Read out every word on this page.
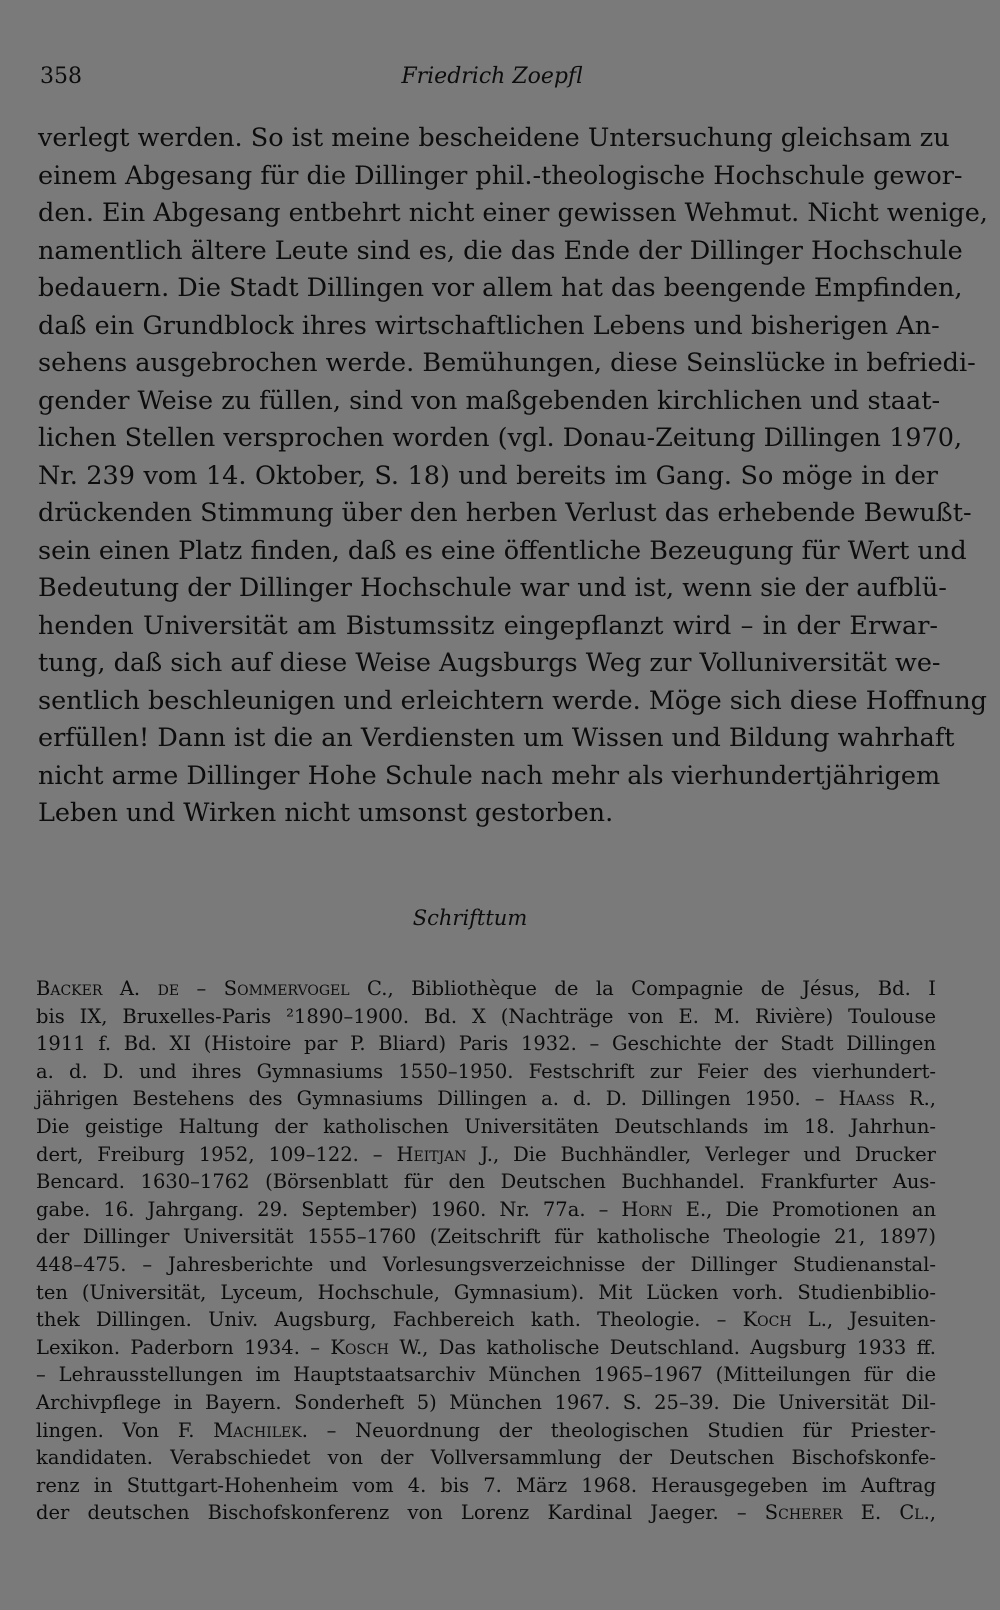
358	Friedrich Zoepfl
verlegt werden. So ist meine bescheidene Untersuchung gleichsam zu
einem Abgesang für die Dillinger phil.-theologische Hochschule gewor-
den. Ein Abgesang entbehrt nicht einer gewissen Wehmut. Nicht wenige,
namentlich ältere Leute sind es, die das Ende der Dillinger Hochschule
bedauern. Die Stadt Dillingen vor allem hat das beengende Empfinden,
daß ein Grundblock ihres wirtschaftlichen Lebens und bisherigen An-
sehens ausgebrochen werde. Bemühungen, diese Seinslücke in befriedi-
gender Weise zu füllen, sind von maßgebenden kirchlichen und staat-
lichen Stellen versprochen worden (vgl. Donau-Zeitung Dillingen 1970,
Nr. 239 vom 14. Oktober, S. 18) und bereits im Gang. So möge in der
drückenden Stimmung über den herben Verlust das erhebende Bewußt-
sein einen Platz finden, daß es eine öffentliche Bezeugung für Wert und
Bedeutung der Dillinger Hochschule war und ist, wenn sie der aufblü-
henden Universität am Bistumssitz eingepflanzt wird – in der Erwar-
tung, daß sich auf diese Weise Augsburgs Weg zur Volluniversität we-
sentlich beschleunigen und erleichtern werde. Möge sich diese Hoffnung
erfüllen! Dann ist die an Verdiensten um Wissen und Bildung wahrhaft
nicht arme Dillinger Hohe Schule nach mehr als vierhundertjährigem
Leben und Wirken nicht umsonst gestorben.
Schrifttum
Backer A. de – Sommervogel C., Bibliothèque de la Compagnie de Jésus, Bd. I
bis IX, Bruxelles-Paris ²1890–1900. Bd. X (Nachträge von E. M. Rivière) Toulouse
1911 f. Bd. XI (Histoire par P. Bliard) Paris 1932. – Geschichte der Stadt Dillingen
a. d. D. und ihres Gymnasiums 1550–1950. Festschrift zur Feier des vierhundert-
jährigen Bestehens des Gymnasiums Dillingen a. d. D. Dillingen 1950. – Haass R.,
Die geistige Haltung der katholischen Universitäten Deutschlands im 18. Jahrhun-
dert, Freiburg 1952, 109–122. – Heitjan J., Die Buchhändler, Verleger und Drucker
Bencard. 1630–1762 (Börsenblatt für den Deutschen Buchhandel. Frankfurter Aus-
gabe. 16. Jahrgang. 29. September) 1960. Nr. 77a. – Horn E., Die Promotionen an
der Dillinger Universität 1555–1760 (Zeitschrift für katholische Theologie 21, 1897)
448–475. – Jahresberichte und Vorlesungsverzeichnisse der Dillinger Studienanstal-
ten (Universität, Lyceum, Hochschule, Gymnasium). Mit Lücken vorh. Studienbiblio-
thek Dillingen. Univ. Augsburg, Fachbereich kath. Theologie. – Koch L., Jesuiten-
Lexikon. Paderborn 1934. – Kosch W., Das katholische Deutschland. Augsburg 1933 ff.
– Lehrausstellungen im Hauptstaatsarchiv München 1965–1967 (Mitteilungen für die
Archivpflege in Bayern. Sonderheft 5) München 1967. S. 25–39. Die Universität Dil-
lingen. Von F. Machilek. – Neuordnung der theologischen Studien für Priester-
kandidaten. Verabschiedet von der Vollversammlung der Deutschen Bischofskonfe-
renz in Stuttgart-Hohenheim vom 4. bis 7. März 1968. Herausgegeben im Auftrag
der deutschen Bischofskonferenz von Lorenz Kardinal Jaeger. – Scherer E. Cl.,
